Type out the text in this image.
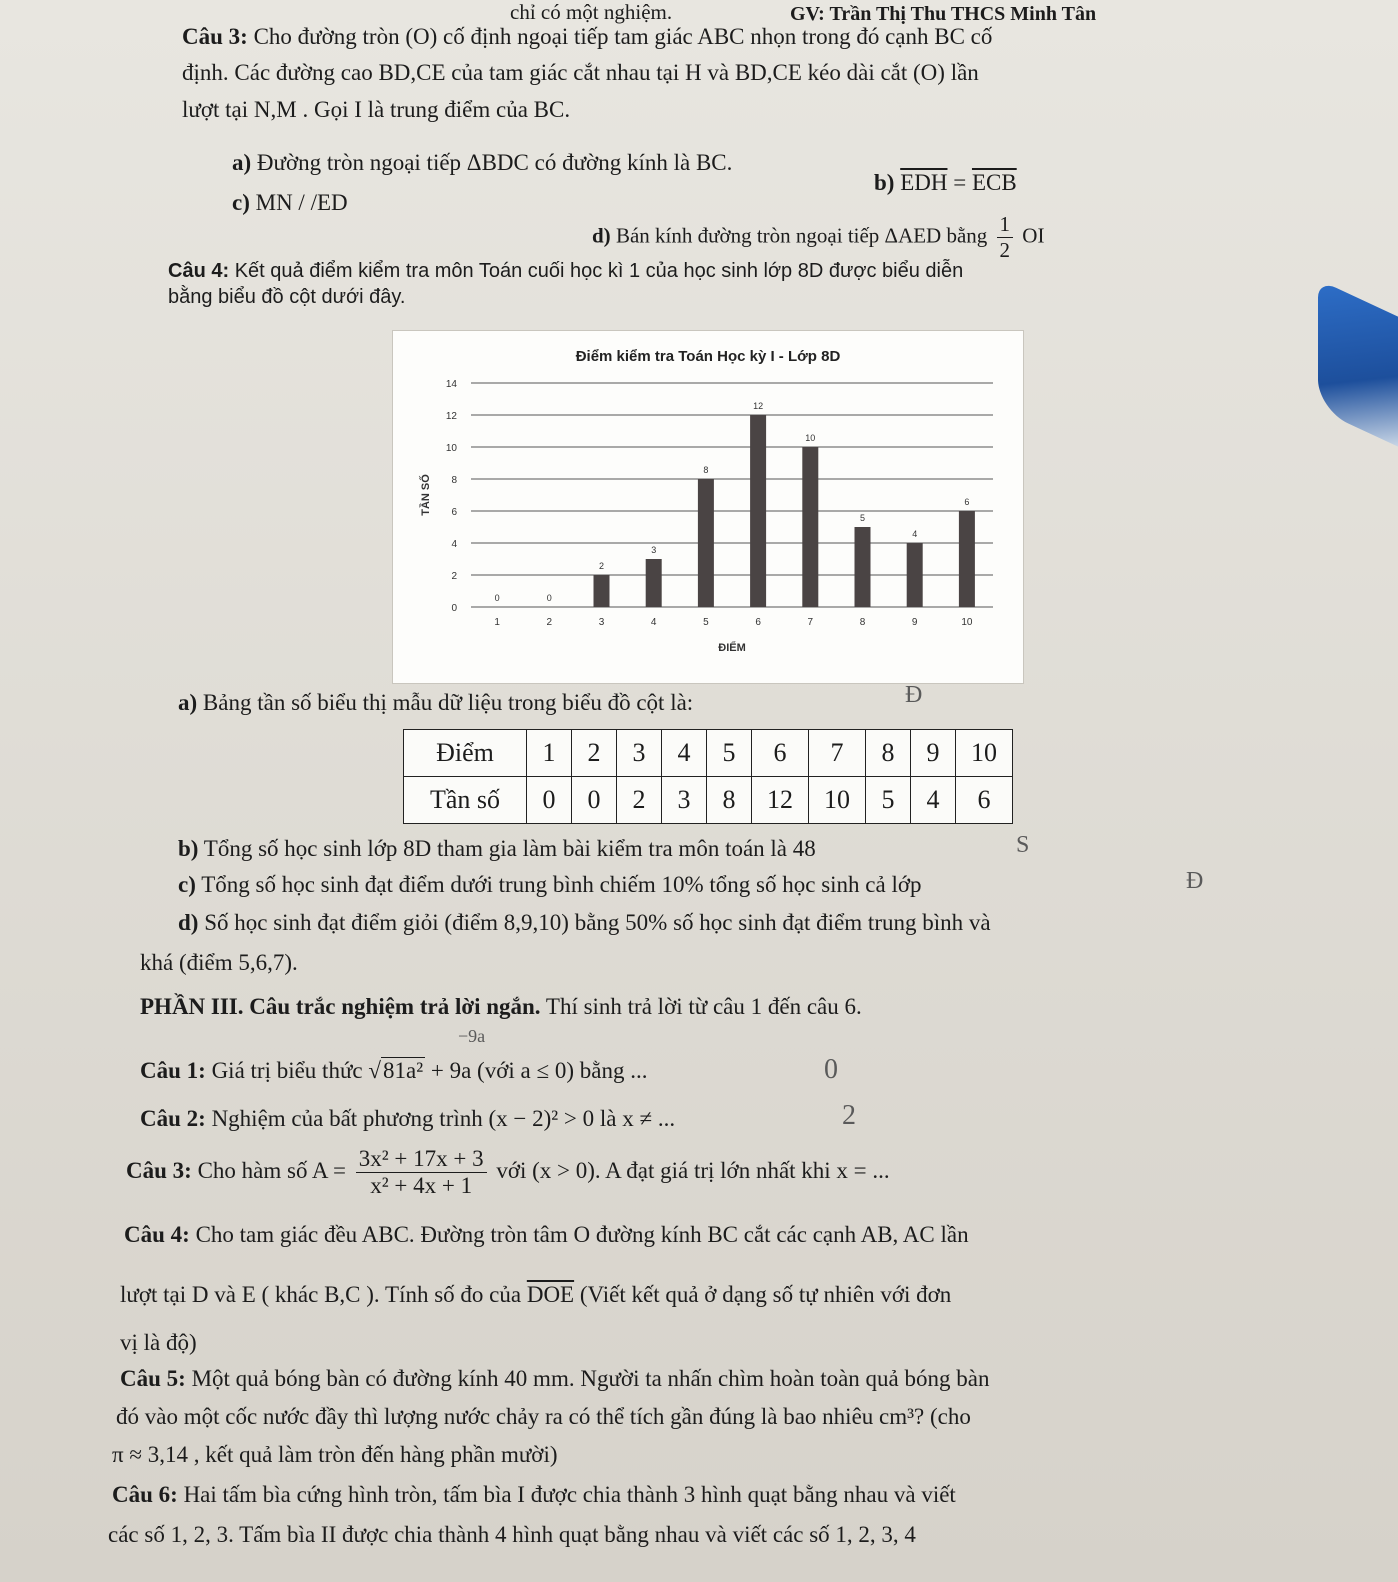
chỉ có một nghiệm.	GV: Trần Thị Thu THCS Minh Tân
Câu 3: Cho đường tròn (O) cố định ngoại tiếp tam giác ABC nhọn trong đó cạnh BC cố
định. Các đường cao BD,CE của tam giác cắt nhau tại H và BD,CE kéo dài cắt (O) lần
lượt tại N,M . Gọi I là trung điểm của BC.
a) Đường tròn ngoại tiếp ΔBDC có đường kính là BC.
b) $\overline{EDH} = \overline{ECB}$
c) MN / /ED
d) Bán kính đường tròn ngoại tiếp ΔAED bằng $\frac{1}{2}$ OI
Câu 4: Kết quả điểm kiểm tra môn Toán cuối học kì 1 của học sinh lớp 8D được biểu diễn
bằng biểu đồ cột dưới đây.
Điểm kiểm tra Toán Học kỳ I - Lớp 8D
0
2
4
6
8
10
12
14
TẦN SỐ
0
1
0
2
2
3
3
4
8
5
12
6
10
7
5
8
4
9
6
10
ĐIỂM
a) Bảng tần số biểu thị mẫu dữ liệu trong biểu đồ cột là:	Đ
Điểm	1	2	3	4	5	6	7	8	9	10
Tần số	0	0	2	3	8	12	10	5	4	6
b) Tổng số học sinh lớp 8D tham gia làm bài kiểm tra môn toán là 48	S
c) Tổng số học sinh đạt điểm dưới trung bình chiếm 10% tổng số học sinh cả lớp	Đ
d) Số học sinh đạt điểm giỏi (điểm 8,9,10) bằng 50% số học sinh đạt điểm trung bình và
khá (điểm 5,6,7).
PHẦN III. Câu trắc nghiệm trả lời ngắn. Thí sinh trả lời từ câu 1 đến câu 6.
−9a
Câu 1: Giá trị biểu thức √81a² + 9a (với a ≤ 0) bằng ...	0
Câu 2: Nghiệm của bất phương trình (x − 2)² > 0 là x ≠ ...	2
Câu 3: Cho hàm số $A = \frac{\text{3x² + 17x + 3}}{\text{x² + 4x + 1}}$ với (x > 0). A đạt giá trị lớn nhất khi x = ...
Câu 4: Cho tam giác đều ABC. Đường tròn tâm O đường kính BC cắt các cạnh AB, AC lần
lượt tại D và E ( khác B,C ). Tính số đo của $\overline{DOE}$ (Viết kết quả ở dạng số tự nhiên với đơn
vị là độ)
Câu 5: Một quả bóng bàn có đường kính 40 mm. Người ta nhấn chìm hoàn toàn quả bóng bàn
đó vào một cốc nước đầy thì lượng nước chảy ra có thể tích gần đúng là bao nhiêu cm³? (cho
π ≈ 3,14 , kết quả làm tròn đến hàng phần mười)
Câu 6: Hai tấm bìa cứng hình tròn, tấm bìa I được chia thành 3 hình quạt bằng nhau và viết
các số 1, 2, 3. Tấm bìa II được chia thành 4 hình quạt bằng nhau và viết các số 1, 2, 3, 4
